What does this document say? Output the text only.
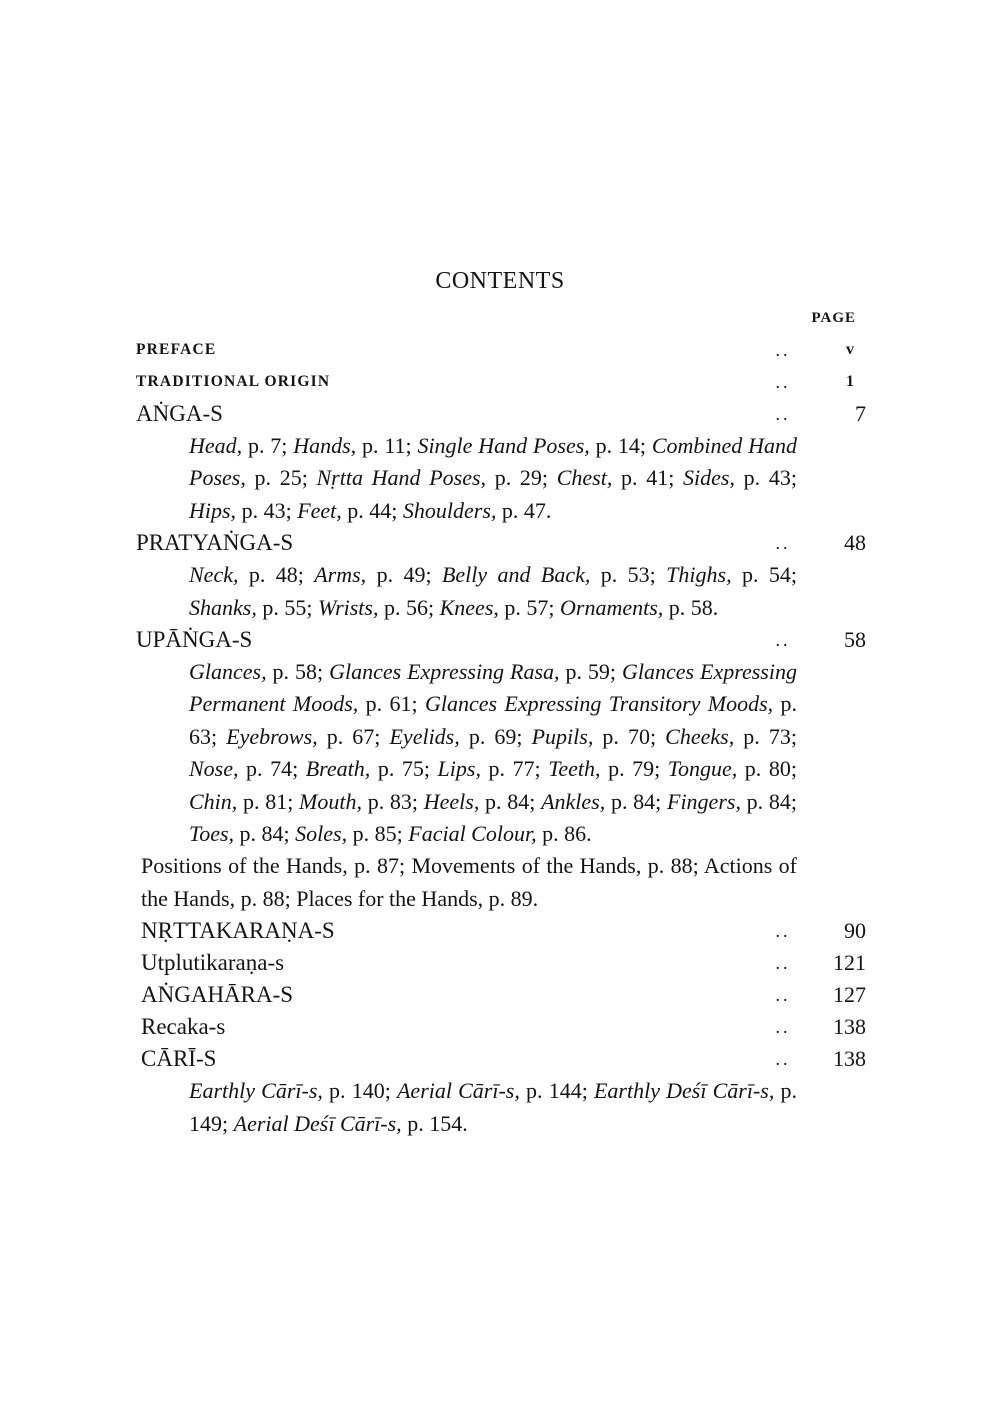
CONTENTS
PAGE
PREFACE	..	v
TRADITIONAL ORIGIN	..	1
AṄGA-S	..	7

Head, p. 7; Hands, p. 11; Single Hand Poses, p. 14; Combined Hand Poses, p. 25; Nṛtta Hand Poses, p. 29; Chest, p. 41; Sides, p. 43; Hips, p. 43; Feet, p. 44; Shoulders, p. 47.

PRATYAṄGA-S	..	48

Neck, p. 48; Arms, p. 49; Belly and Back, p. 53; Thighs, p. 54; Shanks, p. 55; Wrists, p. 56; Knees, p. 57; Ornaments, p. 58.

UPĀṄGA-S	..	58

Glances, p. 58; Glances Expressing Rasa, p. 59; Glances Expressing Permanent Moods, p. 61; Glances Expressing Transitory Moods, p. 63; Eyebrows, p. 67; Eyelids, p. 69; Pupils, p. 70; Cheeks, p. 73; Nose, p. 74; Breath, p. 75; Lips, p. 77; Teeth, p. 79; Tongue, p. 80; Chin, p. 81; Mouth, p. 83; Heels, p. 84; Ankles, p. 84; Fingers, p. 84; Toes, p. 84; Soles, p. 85; Facial Colour, p. 86.

Positions of the Hands, p. 87; Movements of the Hands, p. 88; Actions of the Hands, p. 88; Places for the Hands, p. 89.

NṚTTAKARAṆA-S	..	90
Utplutikaraṇa-s	..	121
AṄGAHĀRA-S	..	127
Recaka-s	..	138
CĀRĪ-S	..	138

Earthly Cārī-s, p. 140; Aerial Cārī-s, p. 144; Earthly Deśī Cārī-s, p. 149; Aerial Deśī Cārī-s, p. 154.
